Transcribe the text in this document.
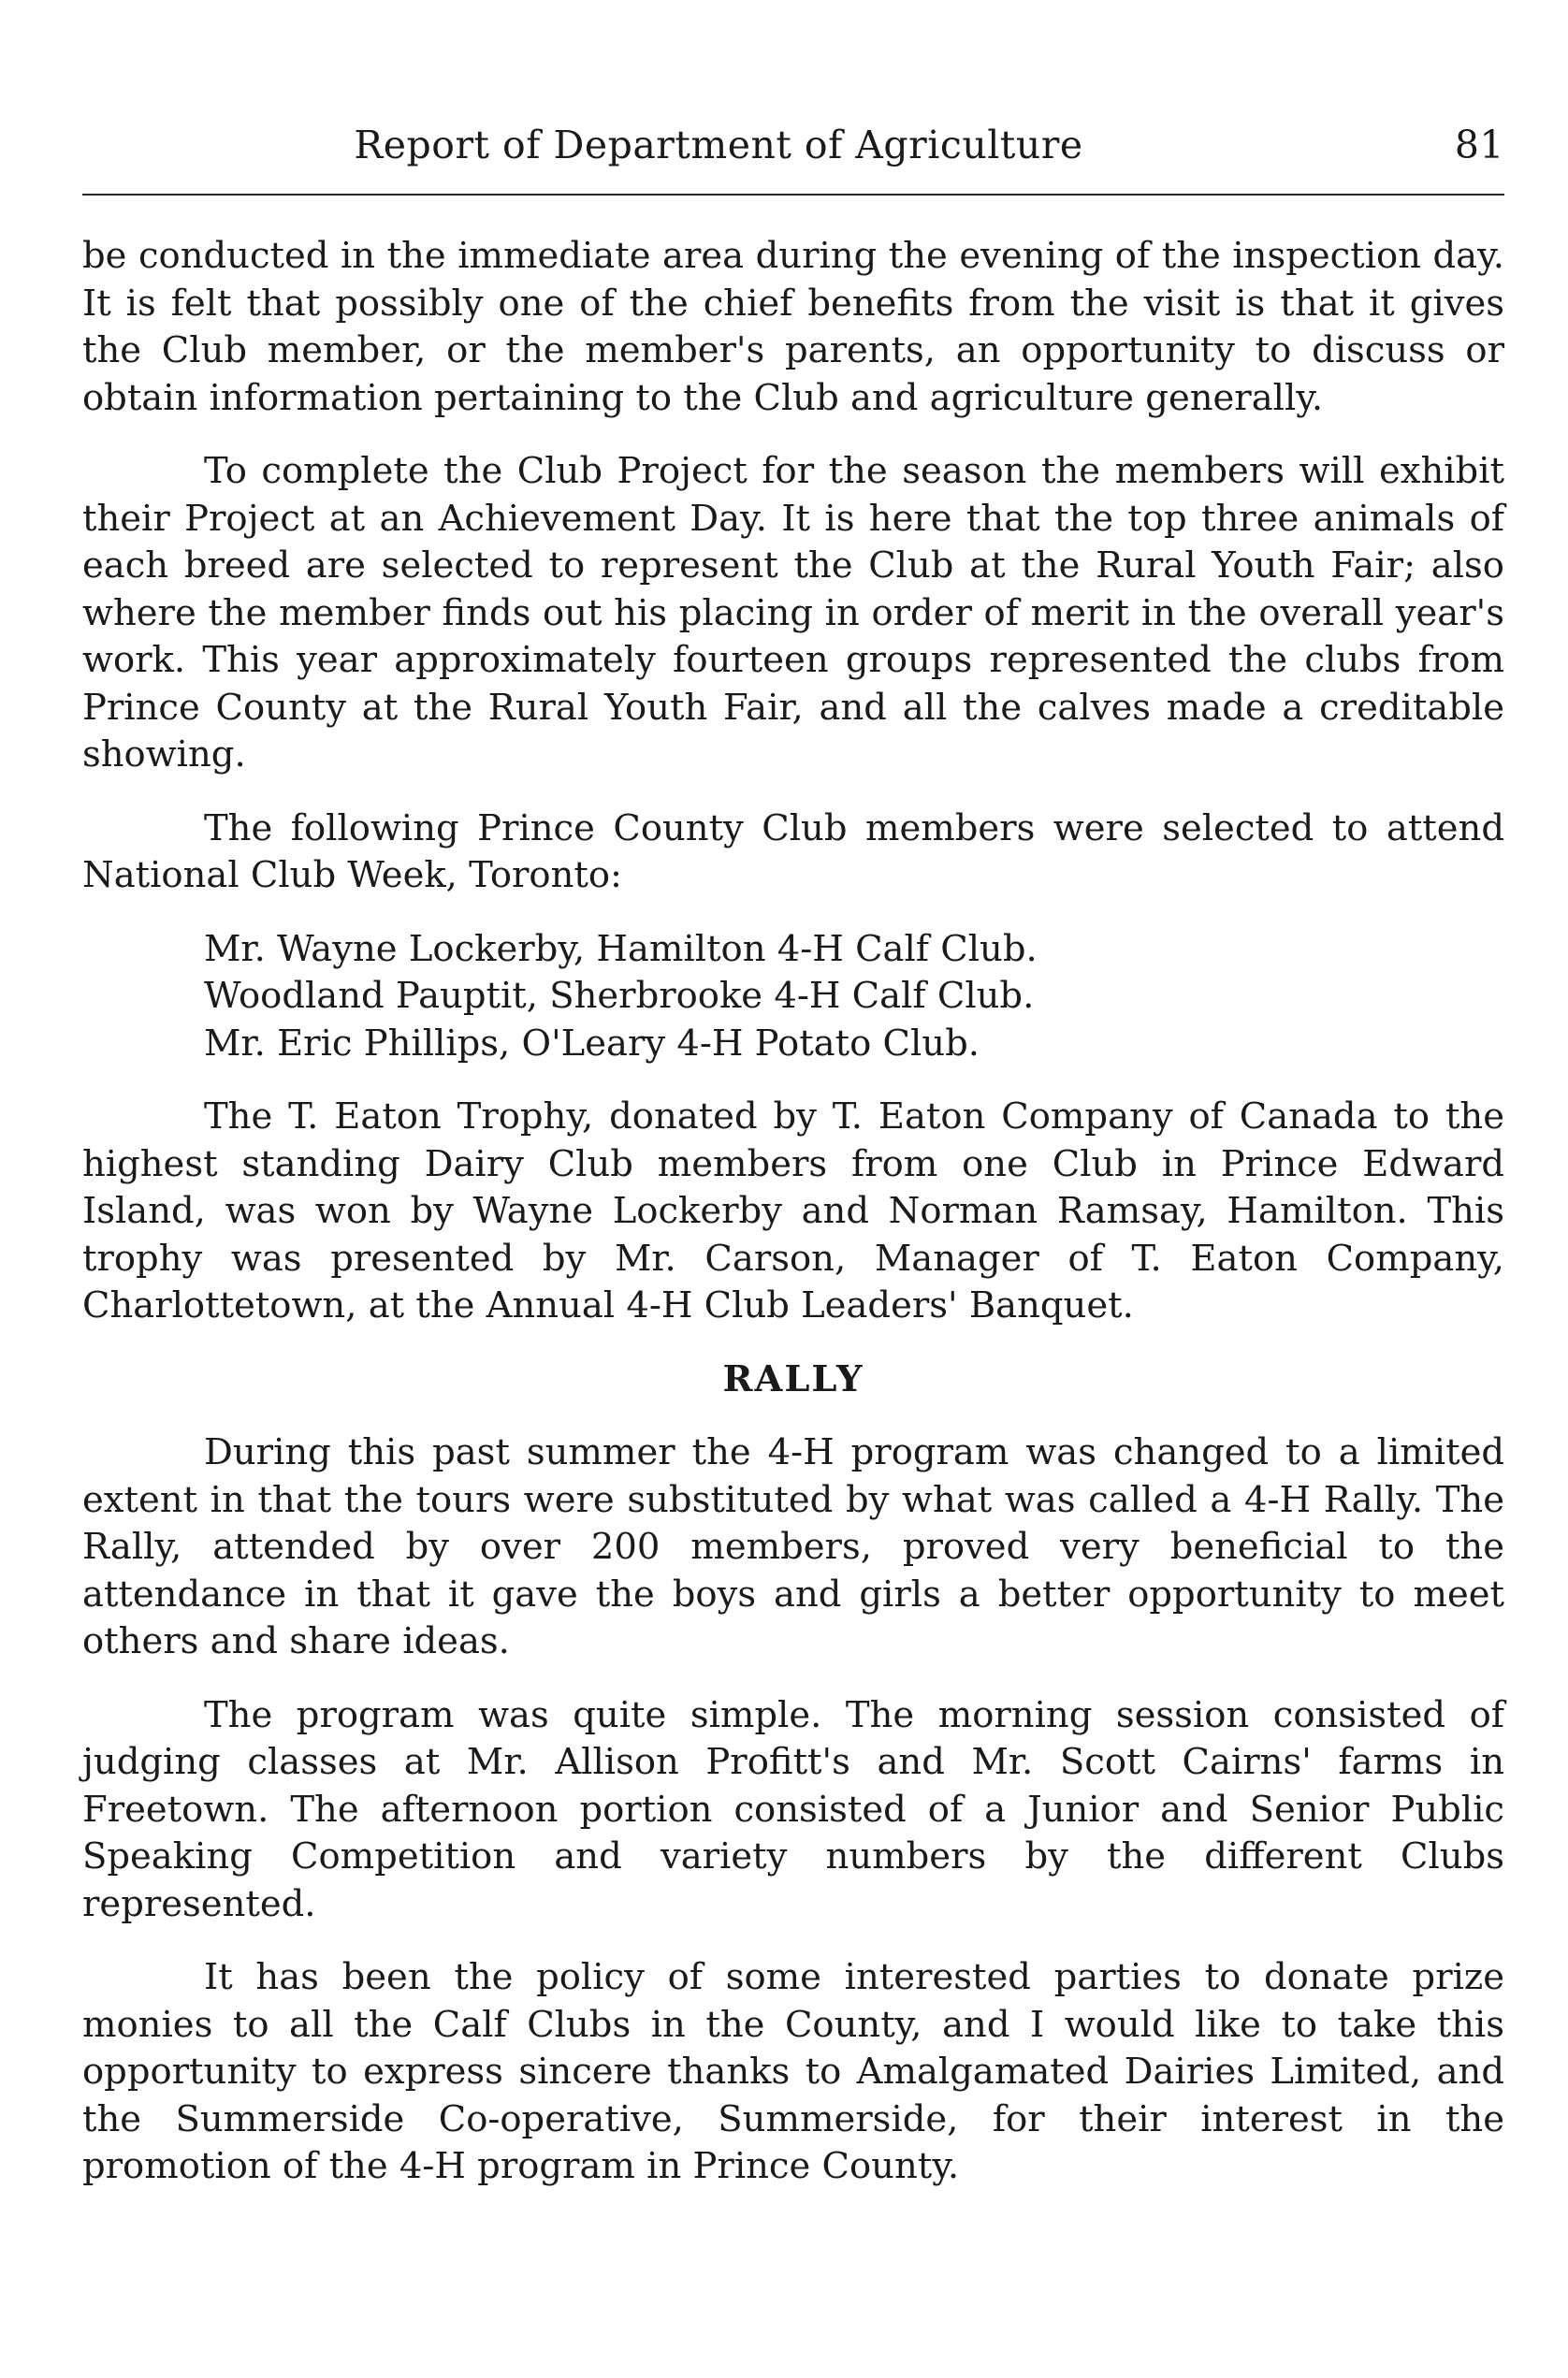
Report of Department of Agriculture	81

be conducted in the immediate area during the evening of the inspection day. It is felt that possibly one of the chief benefits from the visit is that it gives the Club member, or the member's parents, an opportunity to discuss or obtain information pertaining to the Club and agriculture generally.

To complete the Club Project for the season the members will exhibit their Project at an Achievement Day. It is here that the top three animals of each breed are selected to represent the Club at the Rural Youth Fair; also where the member finds out his placing in order of merit in the overall year's work. This year approximately fourteen groups represented the clubs from Prince County at the Rural Youth Fair, and all the calves made a creditable showing.

The following Prince County Club members were selected to attend National Club Week, Toronto:

Mr. Wayne Lockerby, Hamilton 4-H Calf Club.
Woodland Pauptit, Sherbrooke 4-H Calf Club.
Mr. Eric Phillips, O'Leary 4-H Potato Club.

The T. Eaton Trophy, donated by T. Eaton Company of Canada to the highest standing Dairy Club members from one Club in Prince Edward Island, was won by Wayne Lockerby and Norman Ramsay, Hamilton. This trophy was presented by Mr. Carson, Manager of T. Eaton Company, Charlottetown, at the Annual 4-H Club Leaders' Banquet.

RALLY

During this past summer the 4-H program was changed to a limited extent in that the tours were substituted by what was called a 4-H Rally. The Rally, attended by over 200 members, proved very beneficial to the attendance in that it gave the boys and girls a better opportunity to meet others and share ideas.

The program was quite simple. The morning session consisted of judging classes at Mr. Allison Profitt's and Mr. Scott Cairns' farms in Freetown. The afternoon portion consisted of a Junior and Senior Public Speaking Competition and variety numbers by the different Clubs represented.

It has been the policy of some interested parties to donate prize monies to all the Calf Clubs in the County, and I would like to take this opportunity to express sincere thanks to Amalgamated Dairies Limited, and the Summerside Co-operative, Summerside, for their interest in the promotion of the 4-H program in Prince County.
